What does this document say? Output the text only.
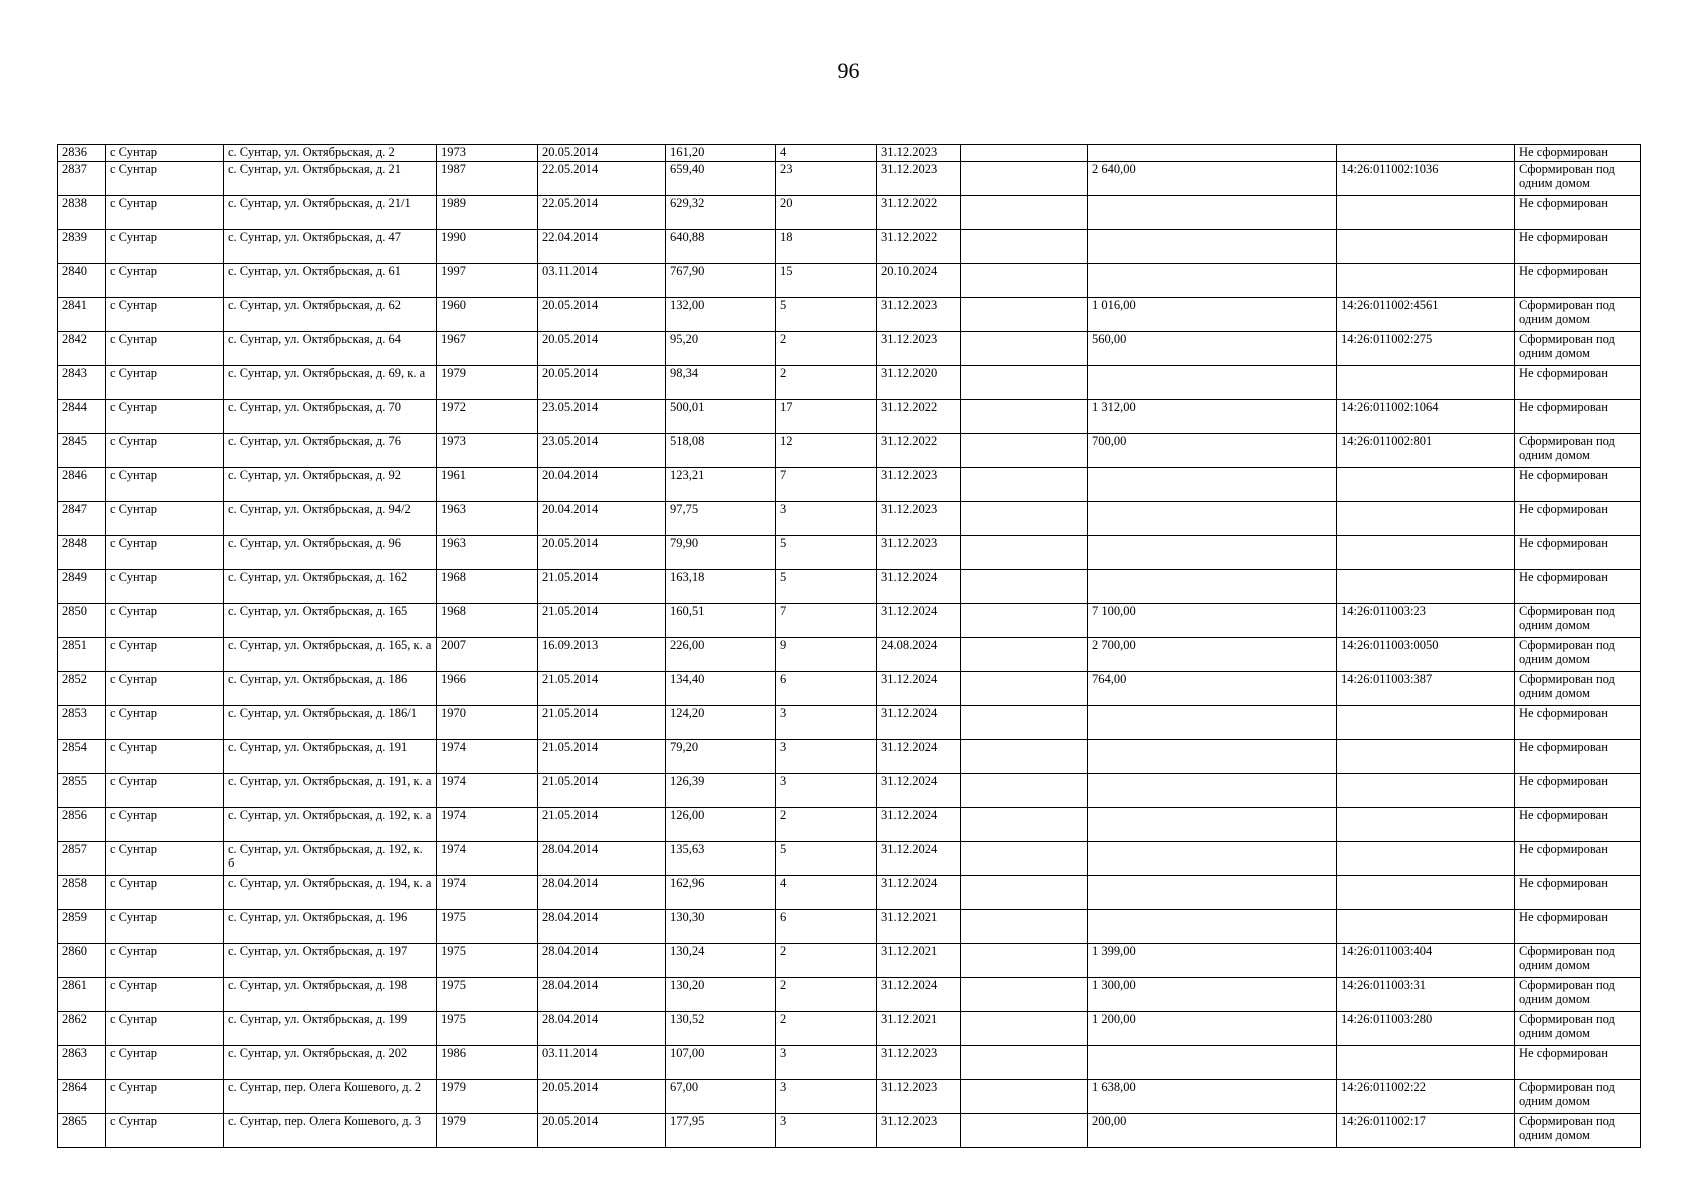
96
2836	с Сунтар	с. Сунтар, ул. Октябрьская, д. 2	1973	20.05.2014	161,20	4	31.12.2023				Не сформирован
2837	с Сунтар	с. Сунтар, ул. Октябрьская, д. 21	1987	22.05.2014	659,40	23	31.12.2023		2 640,00	14:26:011002:1036	Сформирован под одним домом
2838	с Сунтар	с. Сунтар, ул. Октябрьская, д. 21/1	1989	22.05.2014	629,32	20	31.12.2022				Не сформирован
2839	с Сунтар	с. Сунтар, ул. Октябрьская, д. 47	1990	22.04.2014	640,88	18	31.12.2022				Не сформирован
2840	с Сунтар	с. Сунтар, ул. Октябрьская, д. 61	1997	03.11.2014	767,90	15	20.10.2024				Не сформирован
2841	с Сунтар	с. Сунтар, ул. Октябрьская, д. 62	1960	20.05.2014	132,00	5	31.12.2023		1 016,00	14:26:011002:4561	Сформирован под одним домом
2842	с Сунтар	с. Сунтар, ул. Октябрьская, д. 64	1967	20.05.2014	95,20	2	31.12.2023		560,00	14:26:011002:275	Сформирован под одним домом
2843	с Сунтар	с. Сунтар, ул. Октябрьская, д. 69, к. а	1979	20.05.2014	98,34	2	31.12.2020				Не сформирован
2844	с Сунтар	с. Сунтар, ул. Октябрьская, д. 70	1972	23.05.2014	500,01	17	31.12.2022		1 312,00	14:26:011002:1064	Не сформирован
2845	с Сунтар	с. Сунтар, ул. Октябрьская, д. 76	1973	23.05.2014	518,08	12	31.12.2022		700,00	14:26:011002:801	Сформирован под одним домом
2846	с Сунтар	с. Сунтар, ул. Октябрьская, д. 92	1961	20.04.2014	123,21	7	31.12.2023				Не сформирован
2847	с Сунтар	с. Сунтар, ул. Октябрьская, д. 94/2	1963	20.04.2014	97,75	3	31.12.2023				Не сформирован
2848	с Сунтар	с. Сунтар, ул. Октябрьская, д. 96	1963	20.05.2014	79,90	5	31.12.2023				Не сформирован
2849	с Сунтар	с. Сунтар, ул. Октябрьская, д. 162	1968	21.05.2014	163,18	5	31.12.2024				Не сформирован
2850	с Сунтар	с. Сунтар, ул. Октябрьская, д. 165	1968	21.05.2014	160,51	7	31.12.2024		7 100,00	14:26:011003:23	Сформирован под одним домом
2851	с Сунтар	с. Сунтар, ул. Октябрьская, д. 165, к. а	2007	16.09.2013	226,00	9	24.08.2024		2 700,00	14:26:011003:0050	Сформирован под одним домом
2852	с Сунтар	с. Сунтар, ул. Октябрьская, д. 186	1966	21.05.2014	134,40	6	31.12.2024		764,00	14:26:011003:387	Сформирован под одним домом
2853	с Сунтар	с. Сунтар, ул. Октябрьская, д. 186/1	1970	21.05.2014	124,20	3	31.12.2024				Не сформирован
2854	с Сунтар	с. Сунтар, ул. Октябрьская, д. 191	1974	21.05.2014	79,20	3	31.12.2024				Не сформирован
2855	с Сунтар	с. Сунтар, ул. Октябрьская, д. 191, к. а	1974	21.05.2014	126,39	3	31.12.2024				Не сформирован
2856	с Сунтар	с. Сунтар, ул. Октябрьская, д. 192, к. а	1974	21.05.2014	126,00	2	31.12.2024				Не сформирован
2857	с Сунтар	с. Сунтар, ул. Октябрьская, д. 192, к. б	1974	28.04.2014	135,63	5	31.12.2024				Не сформирован
2858	с Сунтар	с. Сунтар, ул. Октябрьская, д. 194, к. а	1974	28.04.2014	162,96	4	31.12.2024				Не сформирован
2859	с Сунтар	с. Сунтар, ул. Октябрьская, д. 196	1975	28.04.2014	130,30	6	31.12.2021				Не сформирован
2860	с Сунтар	с. Сунтар, ул. Октябрьская, д. 197	1975	28.04.2014	130,24	2	31.12.2021		1 399,00	14:26:011003:404	Сформирован под одним домом
2861	с Сунтар	с. Сунтар, ул. Октябрьская, д. 198	1975	28.04.2014	130,20	2	31.12.2024		1 300,00	14:26:011003:31	Сформирован под одним домом
2862	с Сунтар	с. Сунтар, ул. Октябрьская, д. 199	1975	28.04.2014	130,52	2	31.12.2021		1 200,00	14:26:011003:280	Сформирован под одним домом
2863	с Сунтар	с. Сунтар, ул. Октябрьская, д. 202	1986	03.11.2014	107,00	3	31.12.2023				Не сформирован
2864	с Сунтар	с. Сунтар, пер. Олега Кошевого, д. 2	1979	20.05.2014	67,00	3	31.12.2023		1 638,00	14:26:011002:22	Сформирован под одним домом
2865	с Сунтар	с. Сунтар, пер. Олега Кошевого, д. 3	1979	20.05.2014	177,95	3	31.12.2023		200,00	14:26:011002:17	Сформирован под одним домом
